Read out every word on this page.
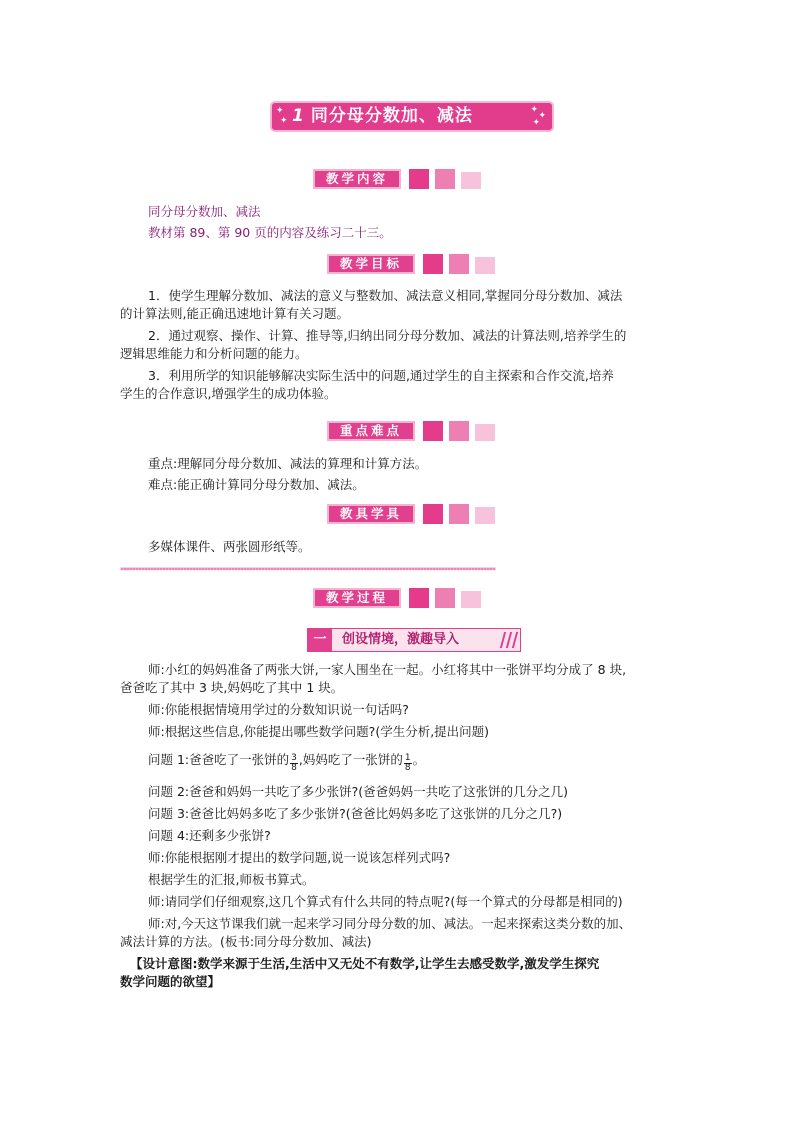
✦
✦ 1 同分母分数加、减法	✦
✦
✦
教学内容
同分母分数加、减法
教材第 89、第 90 页的内容及练习二十三。
教学目标
1．使学生理解分数加、减法的意义与整数加、减法意义相同,掌握同分母分数加、减法
的计算法则,能正确迅速地计算有关习题。
2．通过观察、操作、计算、推导等,归纳出同分母分数加、减法的计算法则,培养学生的
逻辑思维能力和分析问题的能力。
3．利用所学的知识能够解决实际生活中的问题,通过学生的自主探索和合作交流,培养
学生的合作意识,增强学生的成功体验。
重点难点
重点:理解同分母分数加、减法的算理和计算方法。
难点:能正确计算同分母分数加、减法。
教具学具
多媒体课件、两张圆形纸等。
*****************************************************************************************************************************
教学过程
一	创设情境，激趣导入
师:小红的妈妈准备了两张大饼,一家人围坐在一起。小红将其中一张饼平均分成了 8 块,
爸爸吃了其中 3 块,妈妈吃了其中 1 块。
师:你能根据情境用学过的分数知识说一句话吗?
师:根据这些信息,你能提出哪些数学问题?(学生分析,提出问题)
问题 1:爸爸吃了一张饼的 $\frac{3}{8}$ ,妈妈吃了一张饼的 $\frac{1}{8}$ 。
问题 2:爸爸和妈妈一共吃了多少张饼?(爸爸妈妈一共吃了这张饼的几分之几)
问题 3:爸爸比妈妈多吃了多少张饼?(爸爸比妈妈多吃了这张饼的几分之几?)
问题 4:还剩多少张饼?
师:你能根据刚才提出的数学问题,说一说该怎样列式吗?
根据学生的汇报,师板书算式。
师:请同学们仔细观察,这几个算式有什么共同的特点呢?(每一个算式的分母都是相同的)
师:对,今天这节课我们就一起来学习同分母分数的加、减法。一起来探索这类分数的加、
减法计算的方法。(板书:同分母分数加、减法)
【设计意图:数学来源于生活,生活中又无处不有数学,让学生去感受数学,激发学生探究
数学问题的欲望】
